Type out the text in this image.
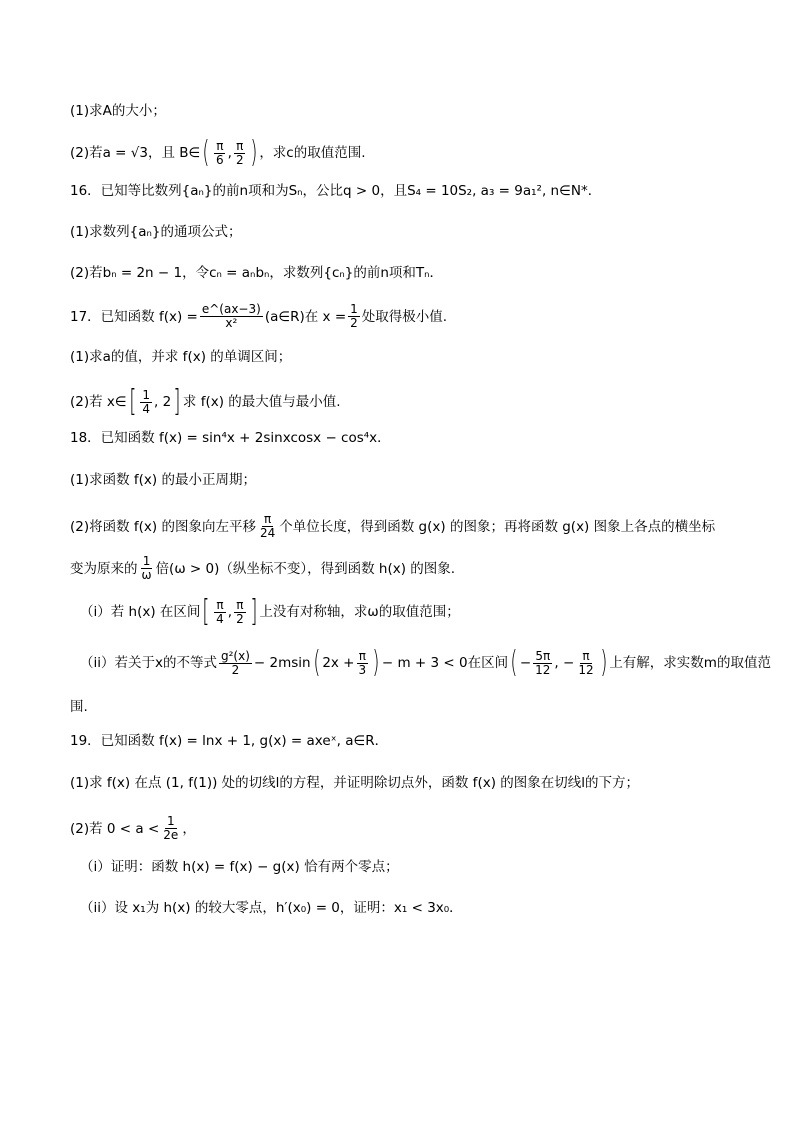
(1)求A的大小；
(2)若a = √3，且 B∈ ( $\frac{\pi}{6}$ , $\frac{\pi}{2}$ ) ，求c的取值范围.
16．已知等比数列{aₙ}的前n项和为Sₙ，公比q > 0，且S₄ = 10S₂, a₃ = 9a₁², n∈N*．
(1)求数列{aₙ}的通项公式；
(2)若bₙ = 2n − 1，令cₙ = aₙbₙ，求数列{cₙ}的前n项和Tₙ．
17．已知函数 $f(x) = \frac{e\^{}(ax-3)}{\text{x²}}$ (a∈R)在 $x = \frac{1}{2}$ 处取得极小值.
(1)求a的值，并求 f(x) 的单调区间；
(2)若 x∈ [ $\frac{1}{4}$ , 2 ] 求 f(x) 的最大值与最小值.
18．已知函数 f(x) = sin⁴x + 2sinxcosx − cos⁴x．
(1)求函数 f(x) 的最小正周期；
(2)将函数 f(x) 的图象向左平移 $\frac{\pi}{24}$ 个单位长度，得到函数 g(x) 的图象；再将函数 g(x) 图象上各点的横坐标
变为原来的 $\frac{1}{\omega}$ 倍(ω > 0)（纵坐标不变），得到函数 h(x) 的图象.
（i）若 h(x) 在区间 [ $\frac{\pi}{4}$ , $\frac{\pi}{2}$ ] 上没有对称轴，求ω的取值范围；
（ii）若关于x的不等式 $\frac{\text{g²(x)}}{2} - 2msin$ ( $2x + \frac{\pi}{3}$ ) − m + 3 < 0在区间 ( − $\frac{5\pi}{12}$ , − $\frac{\pi}{12}$ ) 上有解，求实数m的取值范
围.
19．已知函数 f(x) = lnx + 1, g(x) = axeˣ, a∈R．
(1)求 f(x) 在点 (1, f(1)) 处的切线l的方程，并证明除切点外，函数 f(x) 的图象在切线l的下方；
(2)若 $0 < a < \frac{1}{2e}$ ，
（i）证明：函数 h(x) = f(x) − g(x) 恰有两个零点；
（ii）设 x₁为 h(x) 的较大零点，h′(x₀) = 0，证明：x₁ < 3x₀．
